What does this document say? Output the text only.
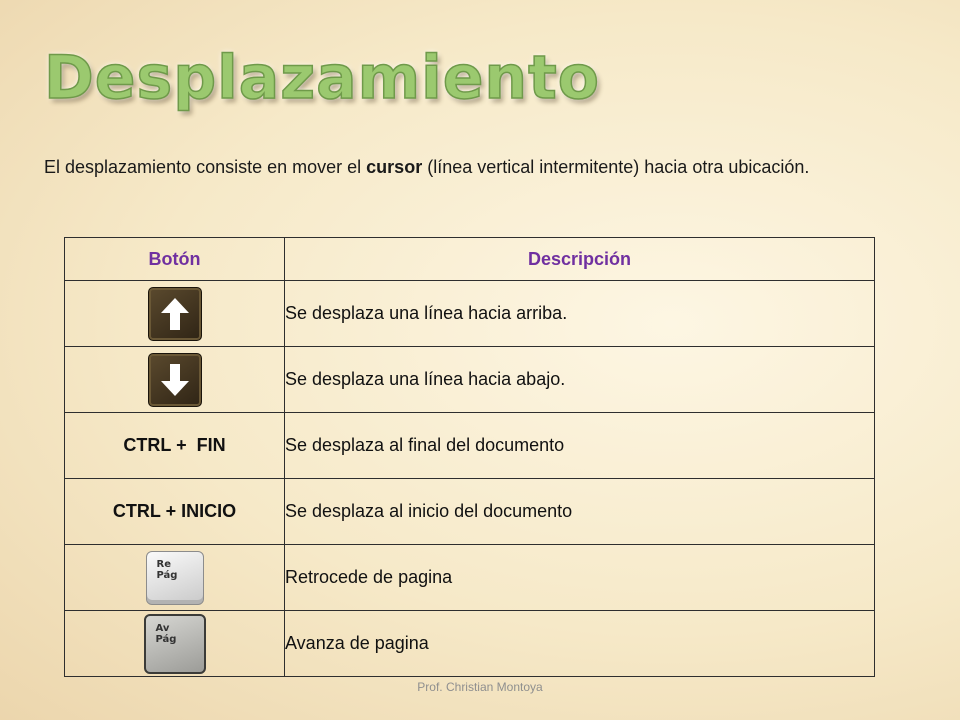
Desplazamiento

El desplazamiento consiste en mover el cursor (línea vertical intermitente) hacia otra ubicación.

Botón	Descripción

	Se desplaza una línea hacia arriba.

	Se desplaza una línea hacia abajo.
CTRL +  FIN	Se desplaza al final del documento
CTRL + INICIO	Se desplaza al inicio del documento

Re
Pág	Retrocede de pagina

Av
Pág	Avanza de pagina
Prof. Christian Montoya
